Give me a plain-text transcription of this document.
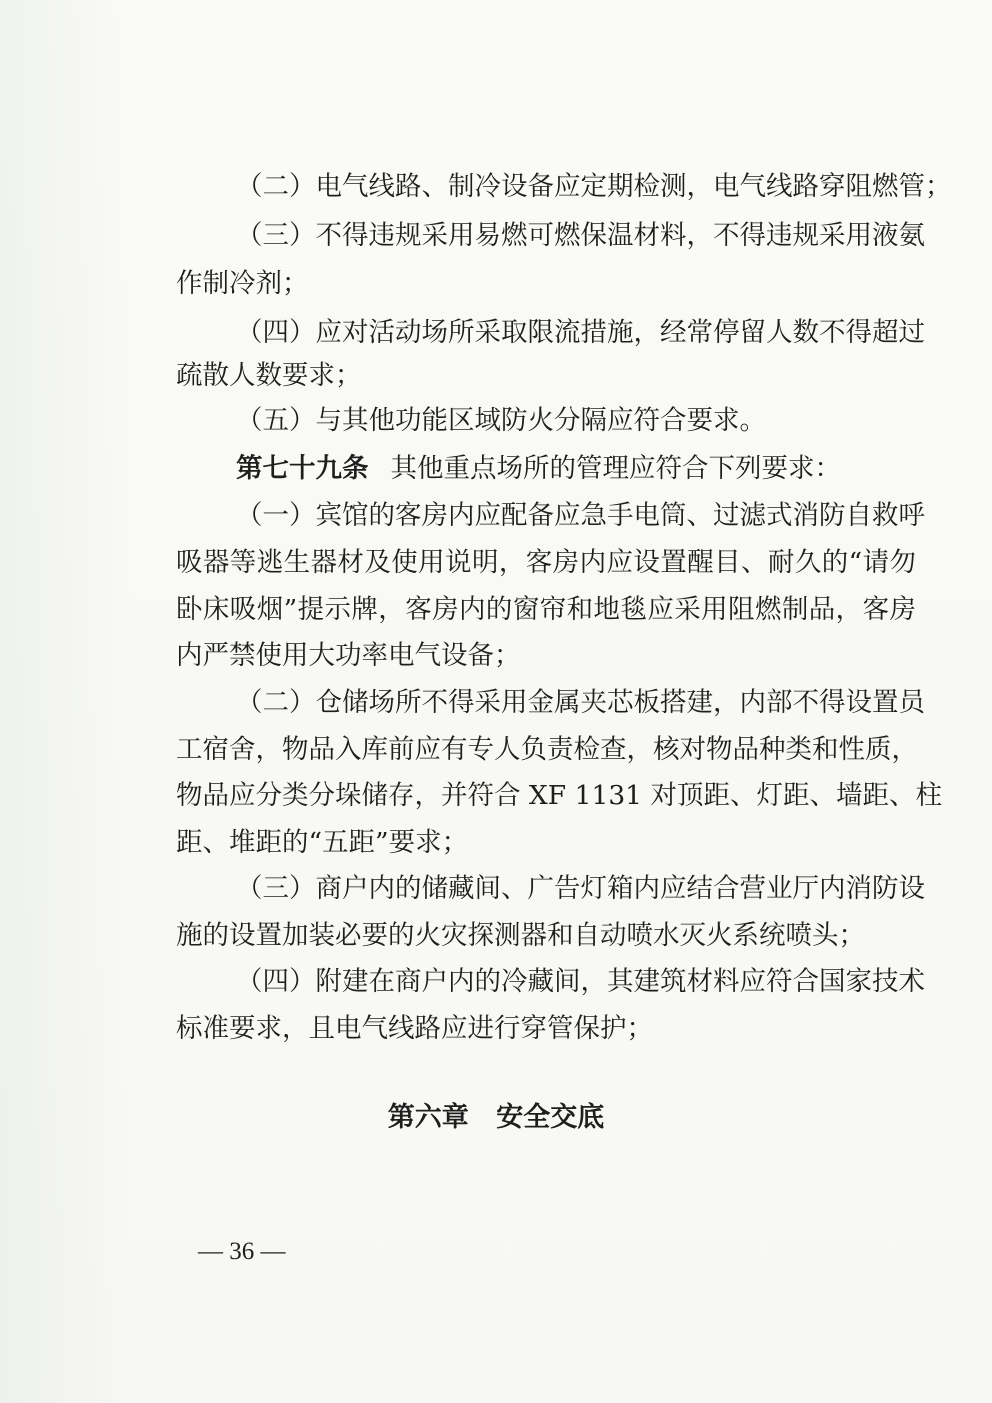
（二）电气线路、制冷设备应定期检测，电气线路穿阻燃管；
（三）不得违规采用易燃可燃保温材料，不得违规采用液氨
作制冷剂；
（四）应对活动场所采取限流措施，经常停留人数不得超过
疏散人数要求；
（五）与其他功能区域防火分隔应符合要求。
第七十九条 其他重点场所的管理应符合下列要求：
（一）宾馆的客房内应配备应急手电筒、过滤式消防自救呼
吸器等逃生器材及使用说明，客房内应设置醒目、耐久的“请勿
卧床吸烟”提示牌，客房内的窗帘和地毯应采用阻燃制品，客房
内严禁使用大功率电气设备；
（二）仓储场所不得采用金属夹芯板搭建，内部不得设置员
工宿舍，物品入库前应有专人负责检查，核对物品种类和性质，
物品应分类分垛储存，并符合 XF 1131 对顶距、灯距、墙距、柱
距、堆距的“五距”要求；
（三）商户内的储藏间、广告灯箱内应结合营业厅内消防设
施的设置加装必要的火灾探测器和自动喷水灭火系统喷头；
（四）附建在商户内的冷藏间，其建筑材料应符合国家技术
标准要求，且电气线路应进行穿管保护；
第六章 安全交底
— 36 —
